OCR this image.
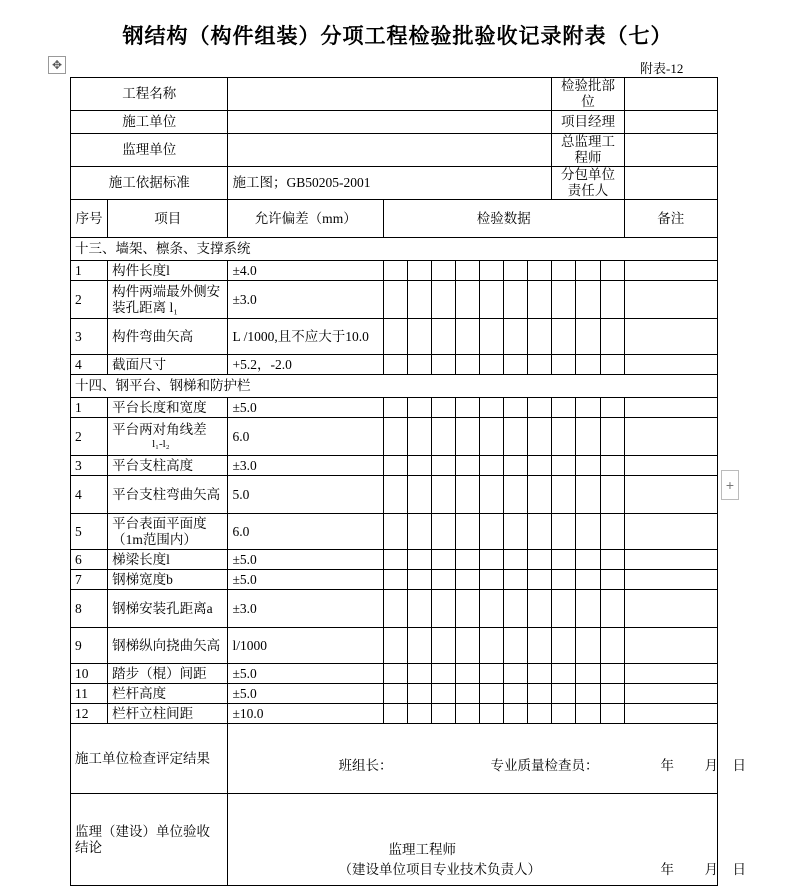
钢结构（构件组装）分项工程检验批验收记录附表（七）
✥	附表-12
+
工程名称										检验批部位			
施工单位										项目经理			
监理单位										总监理工程师			
施工依据标准		施工图；GB50205-2001								分包单位责任人			
序号	项目	允许偏差（mm）	检验数据										备注
十三、墙架、檩条、支撑系统													
1	构件长度l	±4.0											
2	构件两端最外侧安装孔距离 l₁	±3.0											
3	构件弯曲矢高	L /1000,且不应大于10.0											
4	截面尺寸	+5.2，-2.0											
十四、钢平台、钢梯和防护栏													
1	平台长度和宽度	±5.0											
2	平台两对角线差
l₁-l₂	6.0											
3	平台支柱高度	±3.0											
4	平台支柱弯曲矢高	5.0											
5	平台表面平面度（1m范围内）	6.0											
6	梯梁长度l	±5.0											
7	钢梯宽度b	±5.0											
8	钢梯安装孔距离a	±3.0											
9	钢梯纵向挠曲矢高	l/1000											
10	踏步（棍）间距	±5.0											
11	栏杆高度	±5.0											
12	栏杆立柱间距	±10.0											
施工单位检查评定结果		班组长： 专业质量检查员： 年 月 日											

监理（建设）单位验收结论		监理工程师
（建设单位项目专业技术负责人） 年 月 日											
